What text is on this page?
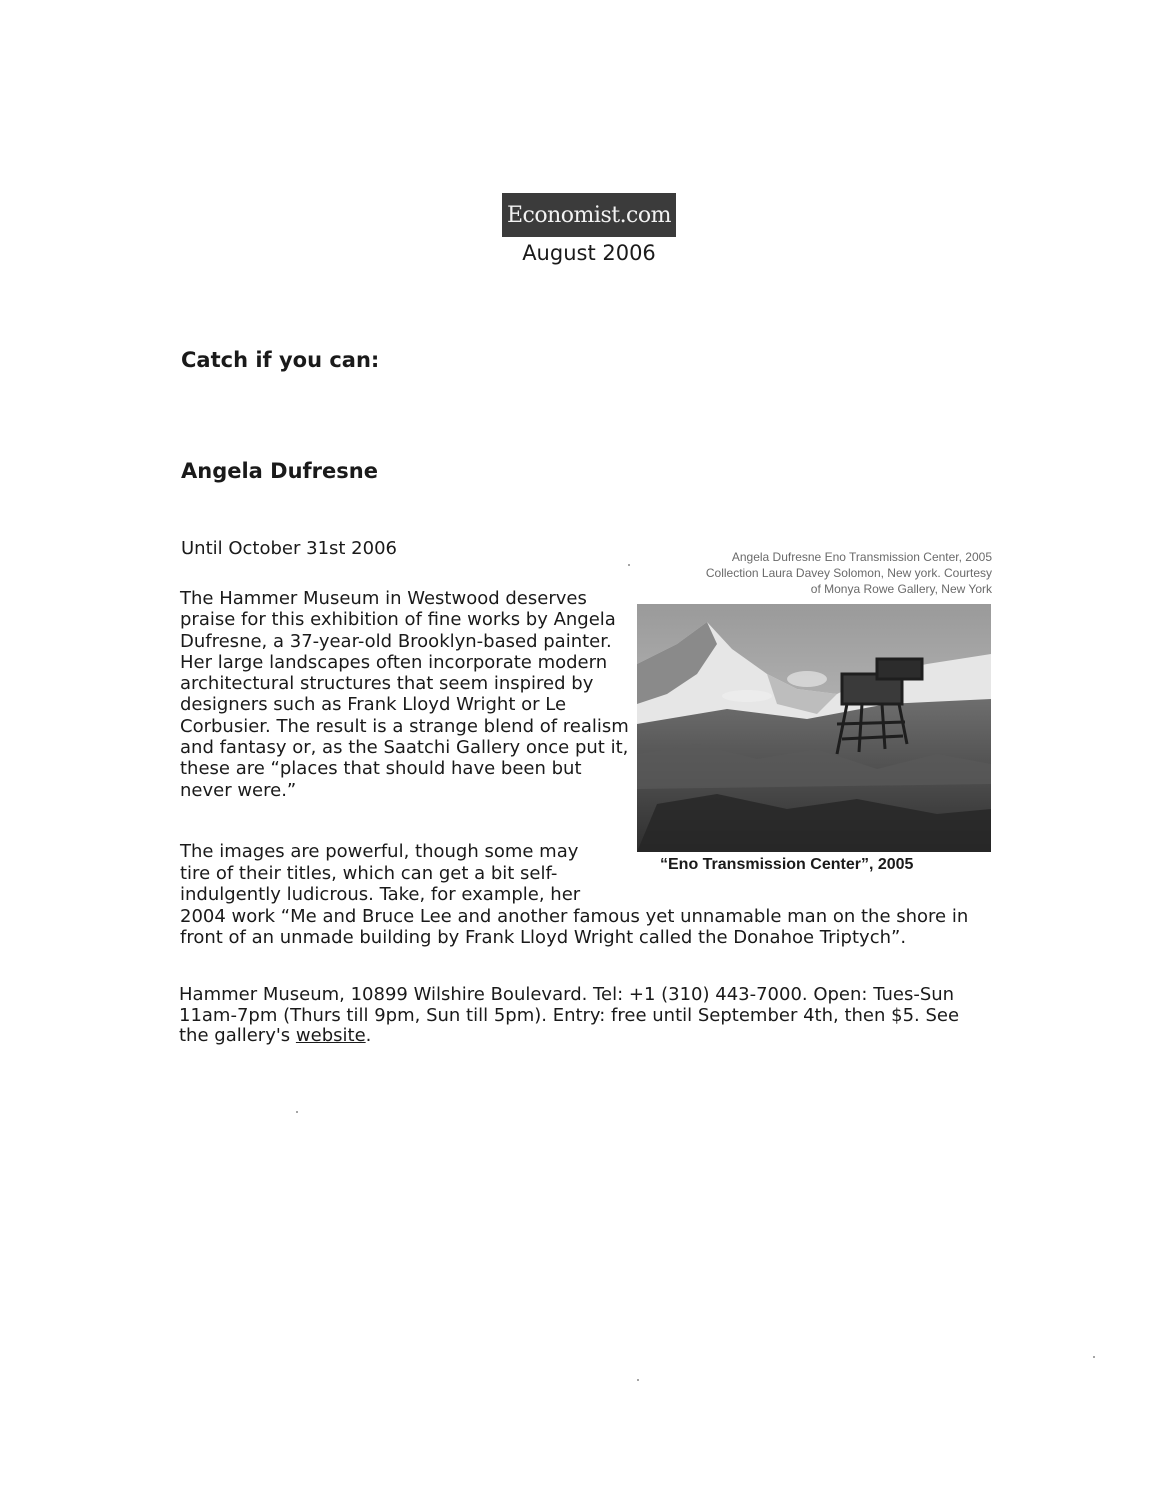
Economist.com
August 2006
Catch if you can:
Angela Dufresne
Until October 31st 2006

The Hammer Museum in Westwood deserves praise for this exhibition of fine works by Angela Dufresne, a 37-year-old Brooklyn-based painter. Her large landscapes often incorporate modern architectural structures that seem inspired by designers such as Frank Lloyd Wright or Le Corbusier. The result is a strange blend of realism and fantasy or, as the Saatchi Gallery once put it, these are “places that should have been but never were.”

The images are powerful, though some may tire of their titles, which can get a bit self-indulgently ludicrous. Take, for example, her 2004 work “Me and Bruce Lee and another famous yet unnamable man on the shore in front of an unmade building by Frank Lloyd Wright called the Donahoe Triptych”.

Hammer Museum, 10899 Wilshire Boulevard. Tel: +1 (310) 443-7000. Open: Tues-Sun 11am-7pm (Thurs till 9pm, Sun till 5pm). Entry: free until September 4th, then $5. See the gallery's website.

Angela Dufresne Eno Transmission Center, 2005
Collection Laura Davey Solomon, New york. Courtesy
of Monya Rowe Gallery, New York
“Eno Transmission Center”, 2005
